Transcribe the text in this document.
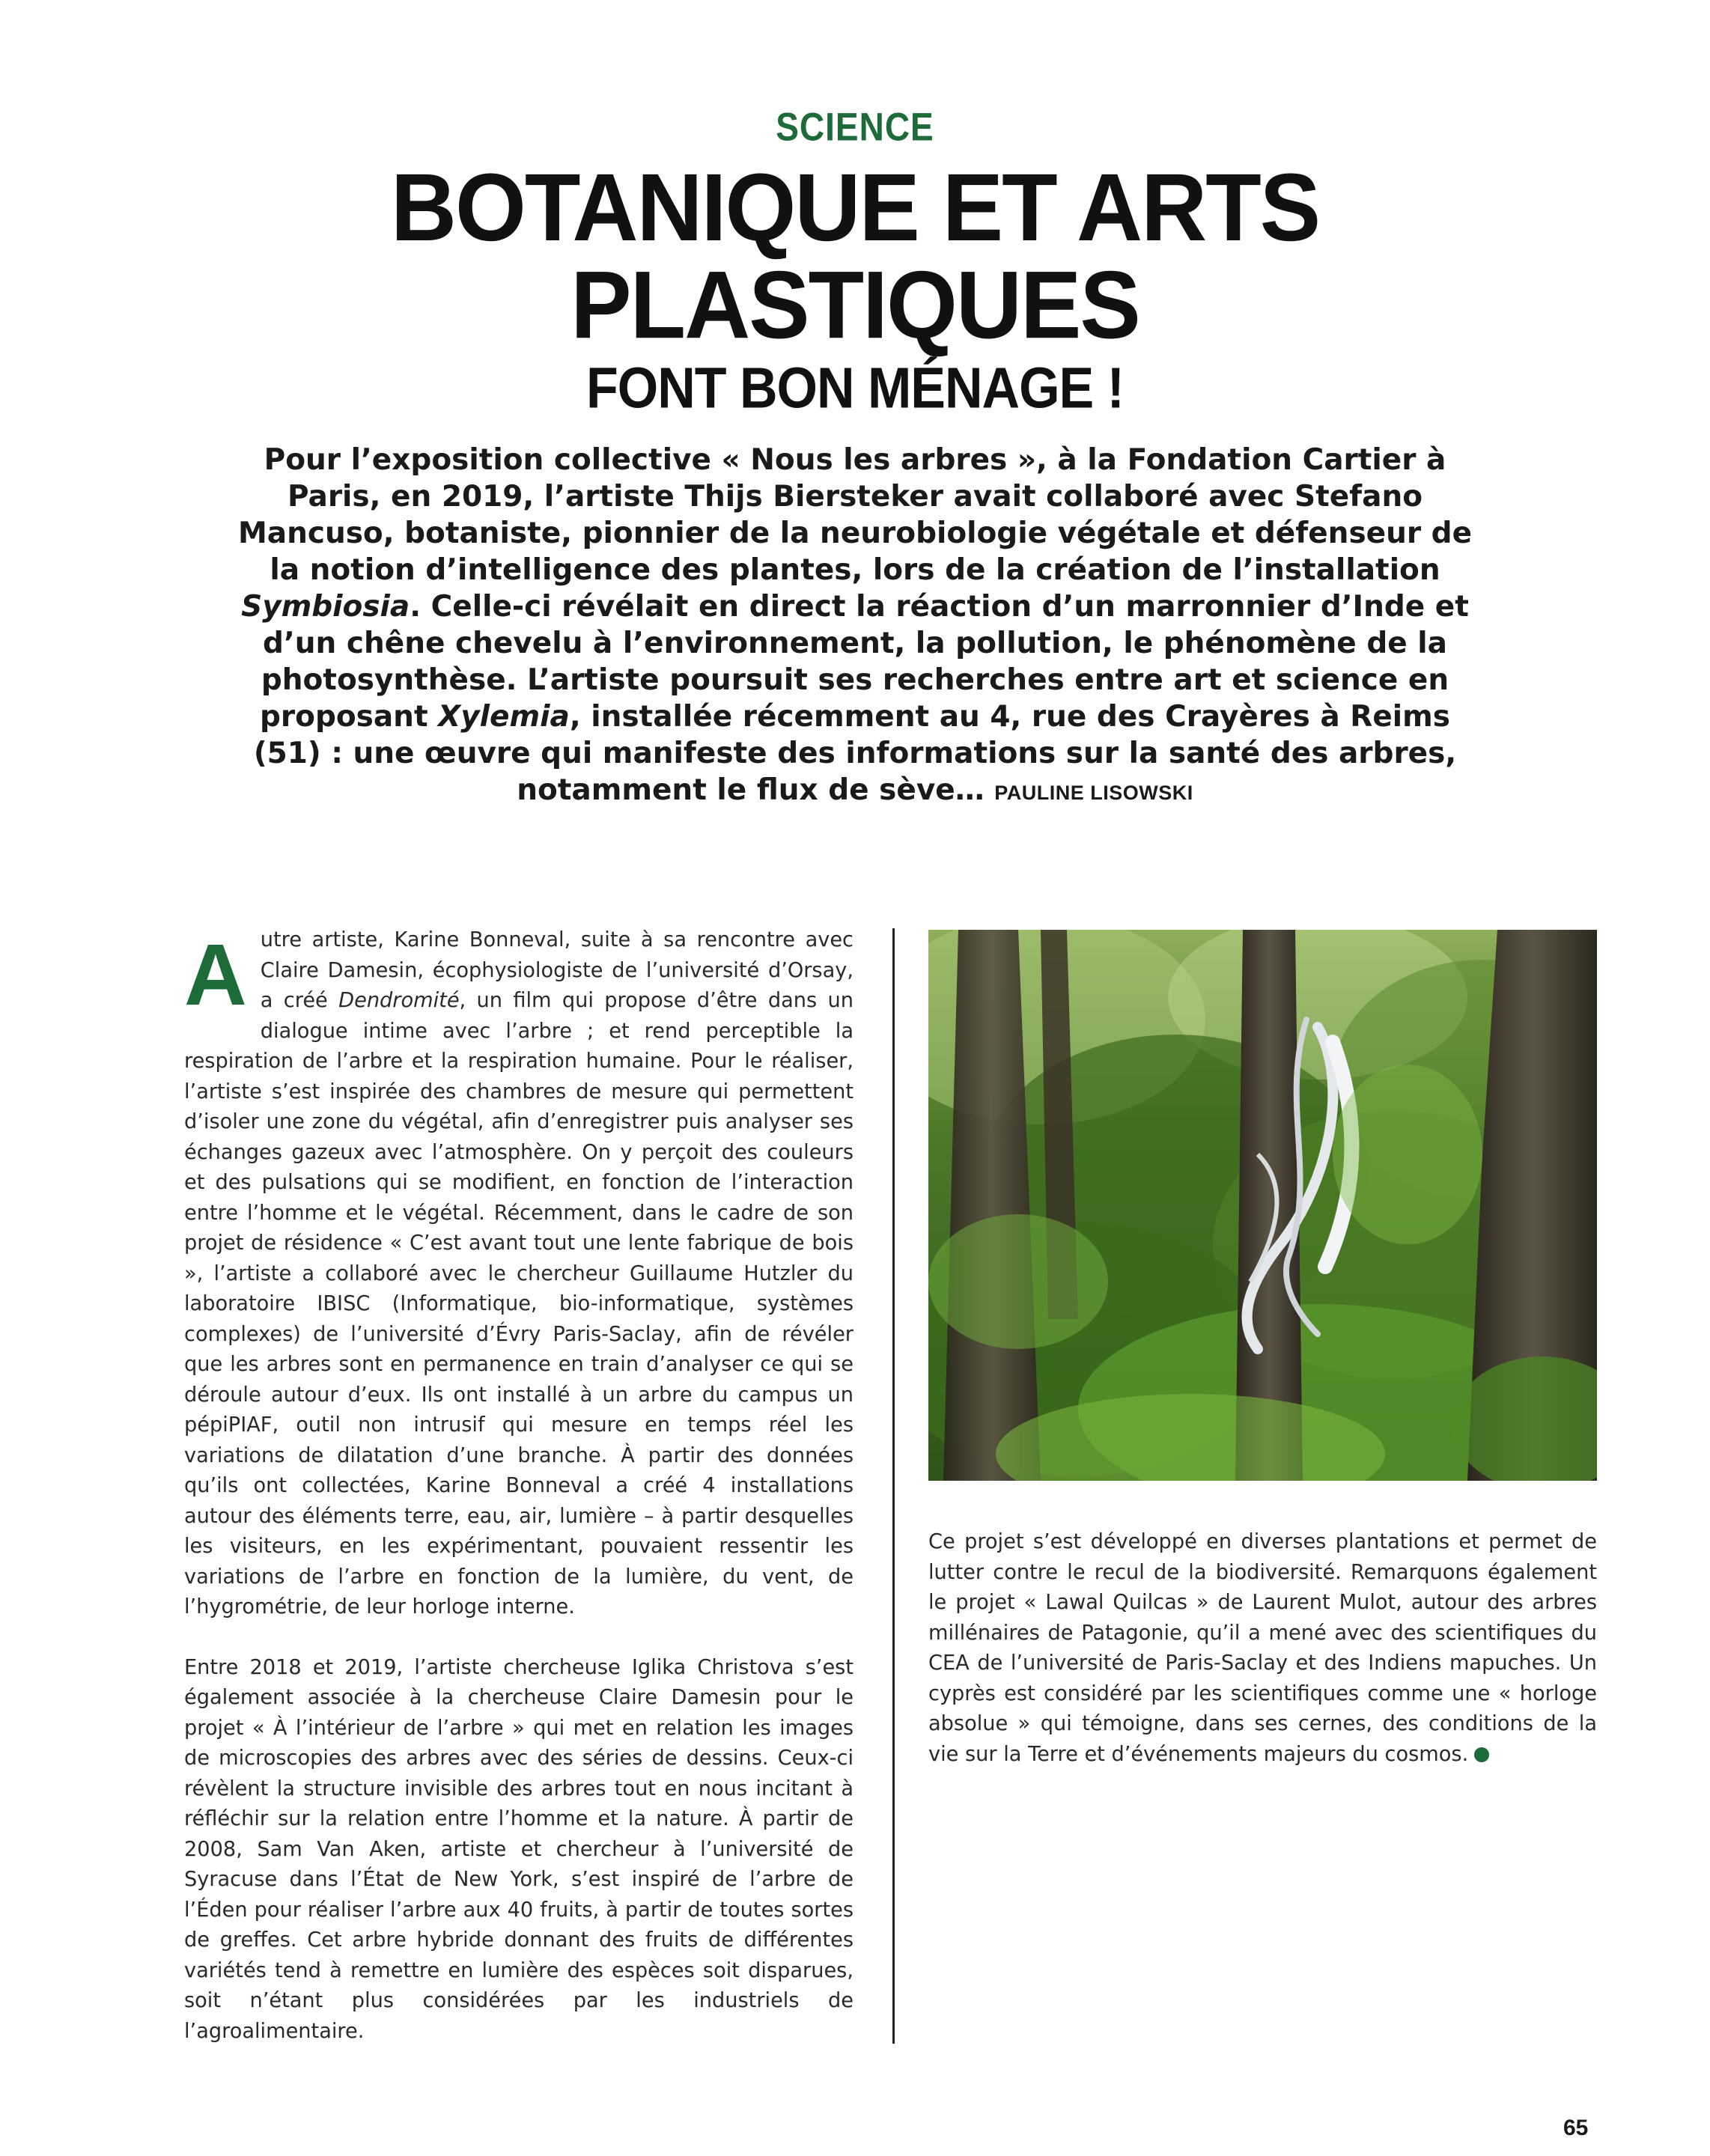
SCIENCE
BOTANIQUE ET ARTS
PLASTIQUES
FONT BON MÉNAGE !
Pour l’exposition collective « Nous les arbres », à la Fondation Cartier à Paris, en 2019, l’artiste Thijs Biersteker avait collaboré avec Stefano Mancuso, botaniste, pionnier de la neurobiologie végétale et défenseur de la notion d’intelligence des plantes, lors de la création de l’installation Symbiosia. Celle-ci révélait en direct la réaction d’un marronnier d’Inde et d’un chêne chevelu à l’environnement, la pollution, le phénomène de la photosynthèse. L’artiste poursuit ses recherches entre art et science en proposant Xylemia, installée récemment au 4, rue des Crayères à Reims (51) : une œuvre qui manifeste des informations sur la santé des arbres, notamment le flux de sève… PAULINE LISOWSKI

Autre artiste, Karine Bonneval, suite à sa rencontre avec Claire Damesin, écophysiologiste de l’université d’Orsay, a créé Dendromité, un film qui propose d’être dans un dialogue intime avec l’arbre ; et rend perceptible la respiration de l’arbre et la respiration humaine. Pour le réaliser, l’artiste s’est inspirée des chambres de mesure qui permettent d’isoler une zone du végétal, afin d’enregistrer puis analyser ses échanges gazeux avec l’atmosphère. On y perçoit des couleurs et des pulsations qui se modifient, en fonction de l’interaction entre l’homme et le végétal. Récemment, dans le cadre de son projet de résidence « C’est avant tout une lente fabrique de bois », l’artiste a collaboré avec le chercheur Guillaume Hutzler du laboratoire IBISC (Informatique, bio-informatique, systèmes complexes) de l’université d’Évry Paris-Saclay, afin de révéler que les arbres sont en permanence en train d’analyser ce qui se déroule autour d’eux. Ils ont installé à un arbre du campus un pépiPIAF, outil non intrusif qui mesure en temps réel les variations de dilatation d’une branche. À partir des données qu’ils ont collectées, Karine Bonneval a créé 4 installations autour des éléments terre, eau, air, lumière – à partir desquelles les visiteurs, en les expérimentant, pouvaient ressentir les variations de l’arbre en fonction de la lumière, du vent, de l’hygrométrie, de leur horloge interne.

Entre 2018 et 2019, l’artiste chercheuse Iglika Christova s’est également associée à la chercheuse Claire Damesin pour le projet « À l’intérieur de l’arbre » qui met en relation les images de microscopies des arbres avec des séries de dessins. Ceux-ci révèlent la structure invisible des arbres tout en nous incitant à réfléchir sur la relation entre l’homme et la nature. À partir de 2008, Sam Van Aken, artiste et chercheur à l’université de Syracuse dans l’État de New York, s’est inspiré de l’arbre de l’Éden pour réaliser l’arbre aux 40 fruits, à partir de toutes sortes de greffes. Cet arbre hybride donnant des fruits de différentes variétés tend à remettre en lumière des espèces soit disparues, soit n’étant plus considérées par les industriels de l’agroalimentaire.

Ce projet s’est développé en diverses plantations et permet de lutter contre le recul de la biodiversité. Remarquons également le projet « Lawal Quilcas » de Laurent Mulot, autour des arbres millénaires de Patagonie, qu’il a mené avec des scientifiques du CEA de l’université de Paris-Saclay et des Indiens mapuches. Un cyprès est considéré par les scientifiques comme une « horloge absolue » qui témoigne, dans ses cernes, des conditions de la vie sur la Terre et d’événements majeurs du cosmos.

65
